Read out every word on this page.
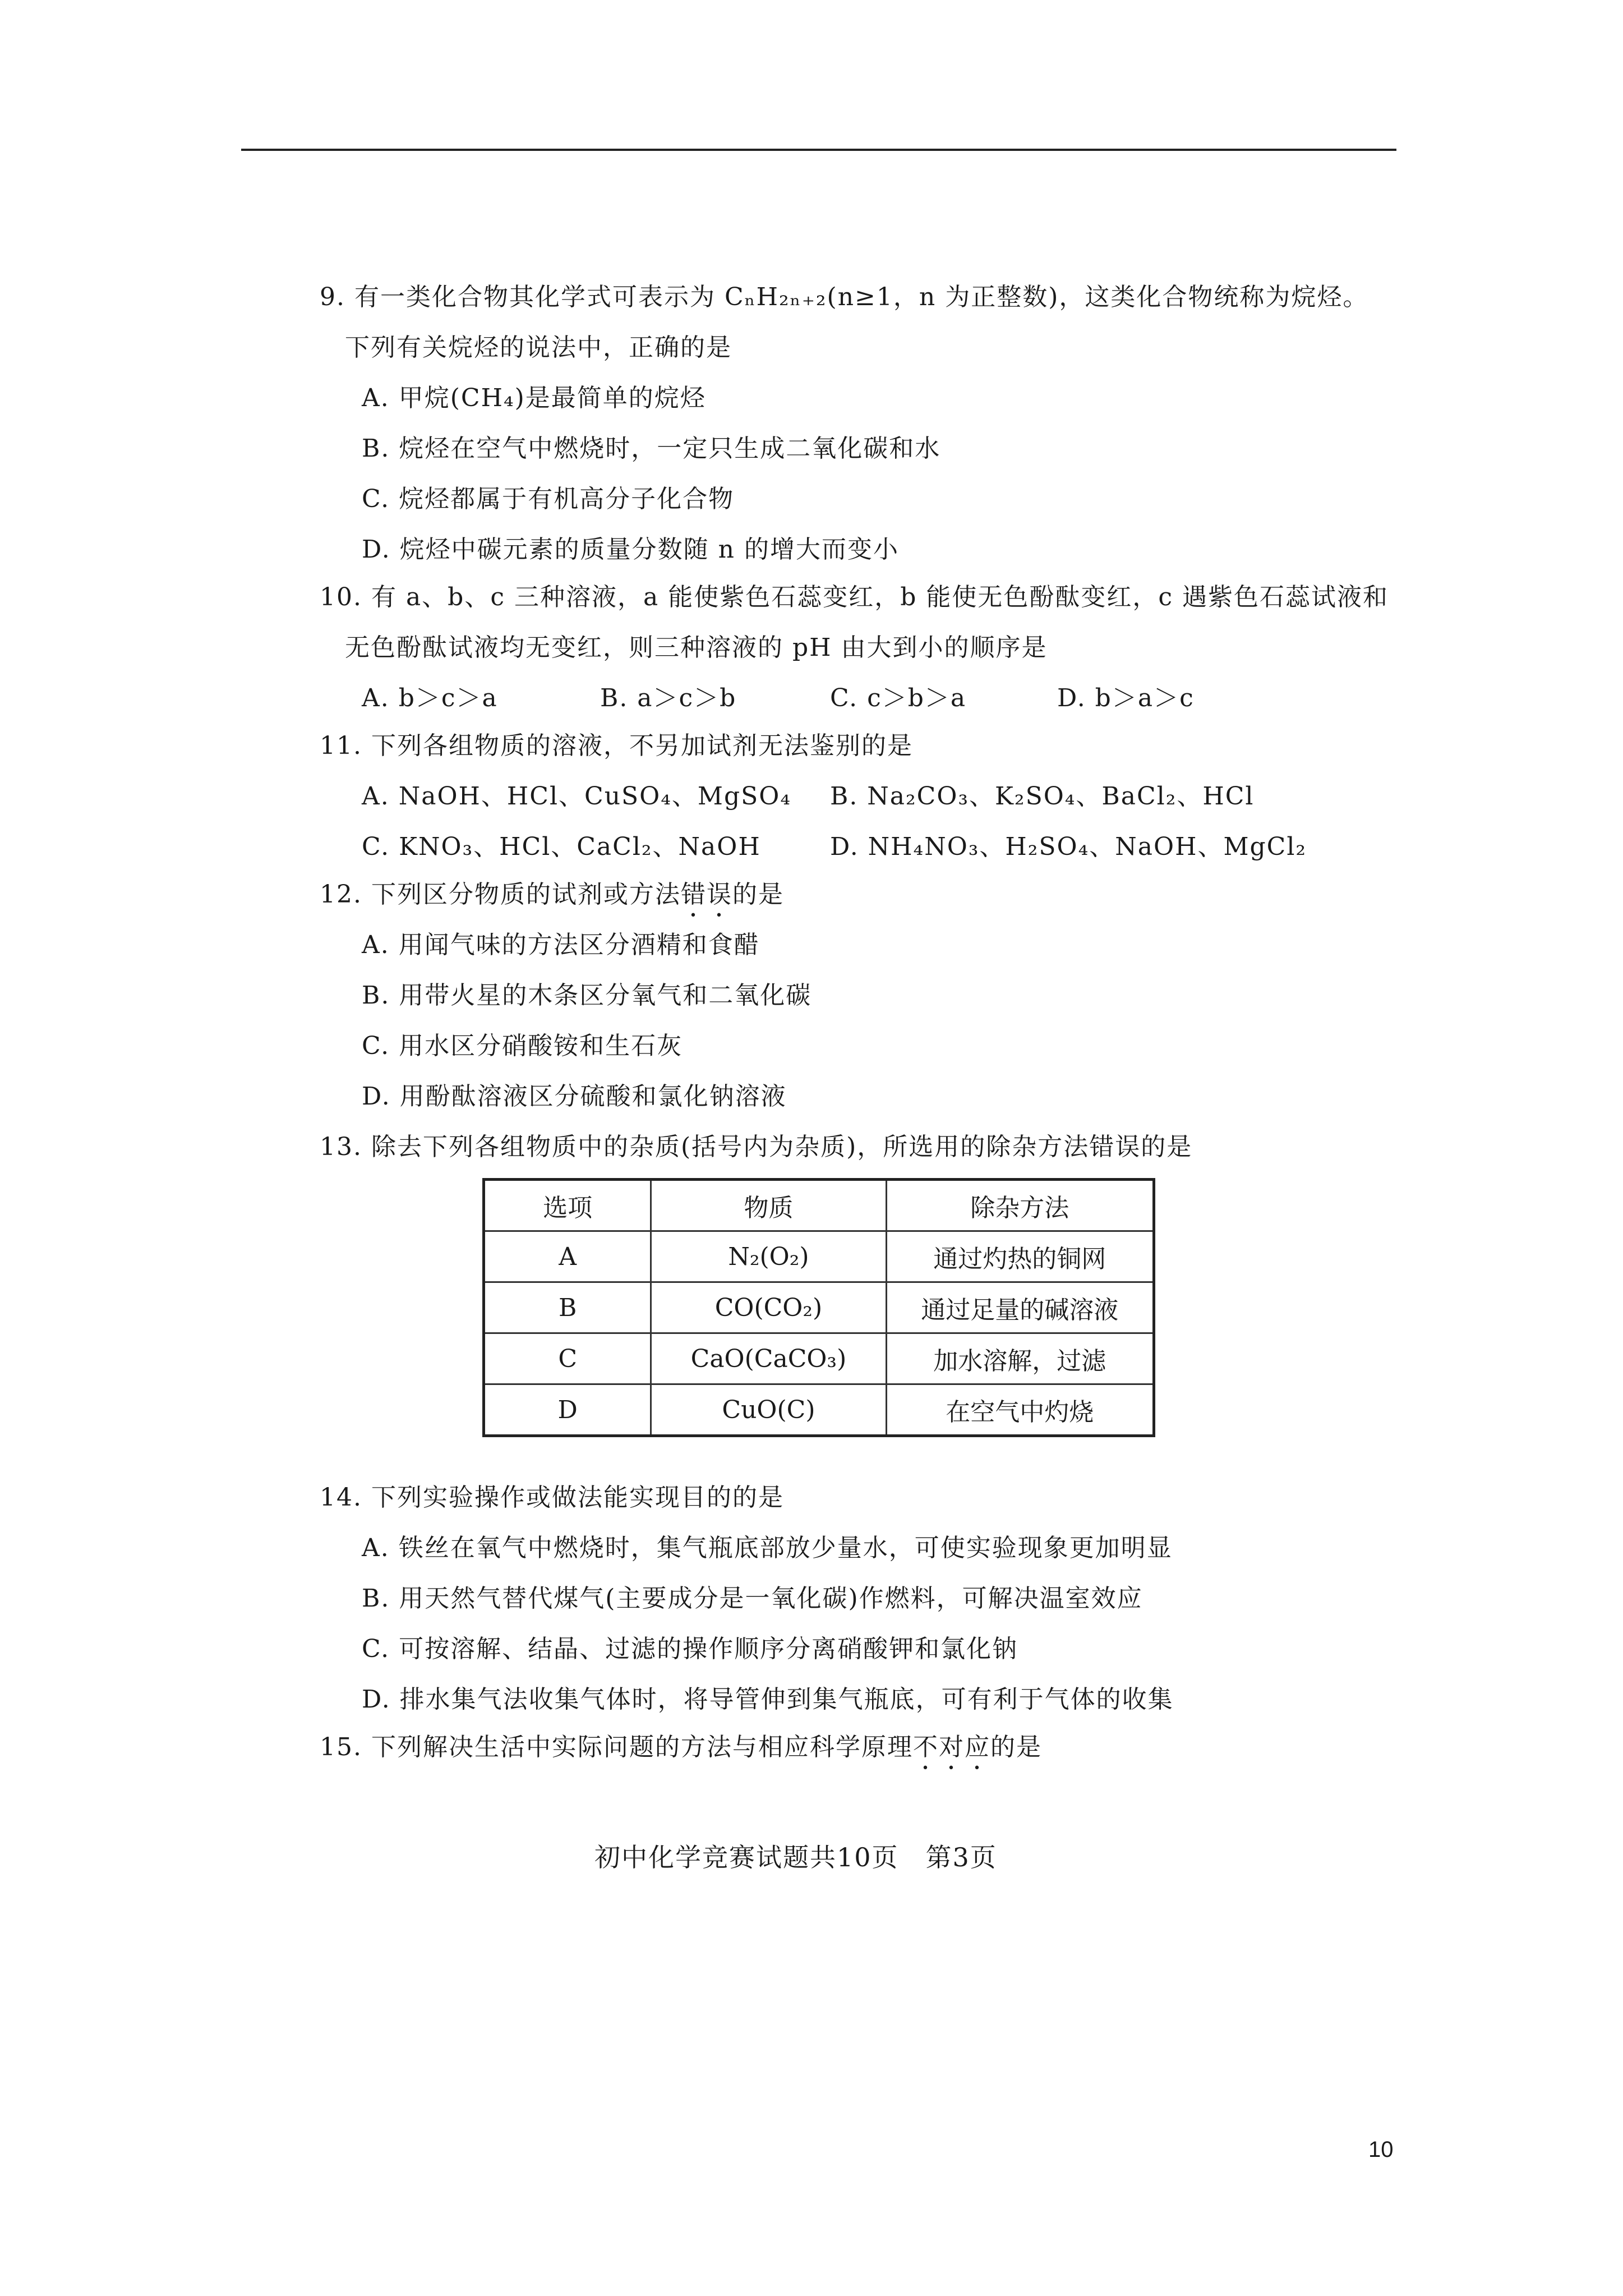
9. 有一类化合物其化学式可表示为 CₙH₂ₙ₊₂(n≥1，n 为正整数)，这类化合物统称为烷烃。
下列有关烷烃的说法中，正确的是
A. 甲烷(CH₄)是最简单的烷烃
B. 烷烃在空气中燃烧时，一定只生成二氧化碳和水
C. 烷烃都属于有机高分子化合物
D. 烷烃中碳元素的质量分数随 n 的增大而变小
10. 有 a、b、c 三种溶液，a 能使紫色石蕊变红，b 能使无色酚酞变红，c 遇紫色石蕊试液和
无色酚酞试液均无变红，则三种溶液的 pH 由大到小的顺序是
A. b＞c＞a	B. a＞c＞b	C. c＞b＞a	D. b＞a＞c
11. 下列各组物质的溶液，不另加试剂无法鉴别的是
A. NaOH、HCl、CuSO₄、MgSO₄ B. Na₂CO₃、K₂SO₄、BaCl₂、HCl
C. KNO₃、HCl、CaCl₂、NaOH	D. NH₄NO₃、H₂SO₄、NaOH、MgCl₂
12. 下列区分物质的试剂或方法错误的是
A. 用闻气味的方法区分酒精和食醋
B. 用带火星的木条区分氧气和二氧化碳
C. 用水区分硝酸铵和生石灰
D. 用酚酞溶液区分硫酸和氯化钠溶液
13. 除去下列各组物质中的杂质(括号内为杂质)，所选用的除杂方法错误的是
选项	物质	除杂方法
A	N₂(O₂)	通过灼热的铜网
B	CO(CO₂)	通过足量的碱溶液
C	CaO(CaCO₃)	加水溶解，过滤
D	CuO(C)	在空气中灼烧
14. 下列实验操作或做法能实现目的的是
A. 铁丝在氧气中燃烧时，集气瓶底部放少量水，可使实验现象更加明显
B. 用天然气替代煤气(主要成分是一氧化碳)作燃料，可解决温室效应
C. 可按溶解、结晶、过滤的操作顺序分离硝酸钾和氯化钠
D. 排水集气法收集气体时，将导管伸到集气瓶底，可有利于气体的收集
15. 下列解决生活中实际问题的方法与相应科学原理不对应的是
初中化学竞赛试题共10页　第3页
10
